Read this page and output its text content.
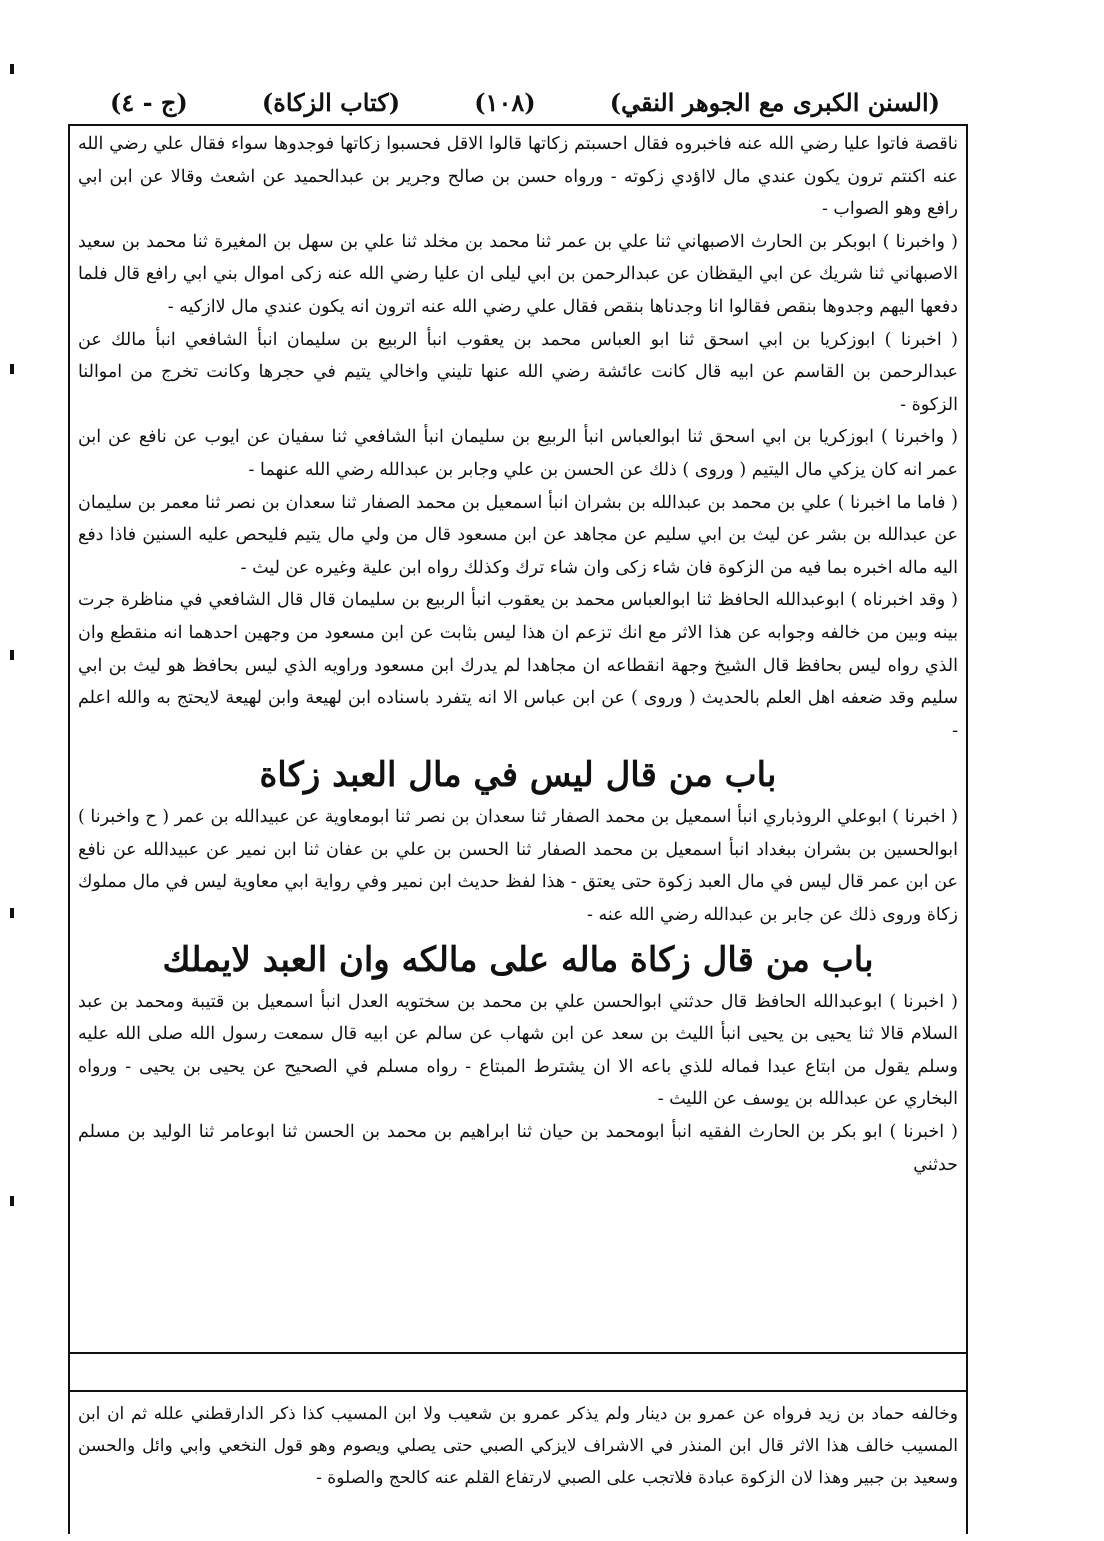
(السنن الكبرى مع الجوهر النقي)
(١٠٨)
(كتاب الزكاة)
(ج - ٤)

ناقصة فاتوا عليا رضي الله عنه فاخبروه فقال احسبتم زكاتها قالوا الاقل فحسبوا زكاتها فوجدوها سواء فقال علي رضي الله عنه اكنتم ترون يكون عندي مال لااؤدي زكوته - ورواه حسن بن صالح وجرير بن عبدالحميد عن اشعث وقالا عن ابن ابي رافع وهو الصواب -

( واخبرنا ) ابوبكر بن الحارث الاصبهاني ثنا علي بن عمر ثنا محمد بن مخلد ثنا علي بن سهل بن المغيرة ثنا محمد بن سعيد الاصبهاني ثنا شريك عن ابي اليقظان عن عبدالرحمن بن ابي ليلى ان عليا رضي الله عنه زكى اموال بني ابي رافع قال فلما دفعها اليهم وجدوها بنقص فقالوا انا وجدناها بنقص فقال علي رضي الله عنه اترون انه يكون عندي مال لاازكيه -

( اخبرنا ) ابوزكريا بن ابي اسحق ثنا ابو العباس محمد بن يعقوب انبأ الربيع بن سليمان انبأ الشافعي انبأ مالك عن عبدالرحمن بن القاسم عن ابيه قال كانت عائشة رضي الله عنها تليني واخالي يتيم في حجرها وكانت تخرج من اموالنا الزكوة -

( واخبرنا ) ابوزكريا بن ابي اسحق ثنا ابوالعباس انبأ الربيع بن سليمان انبأ الشافعي ثنا سفيان عن ايوب عن نافع عن ابن عمر انه كان يزكي مال اليتيم ( وروى ) ذلك عن الحسن بن علي وجابر بن عبدالله رضي الله عنهما -

( فاما ما اخبرنا ) علي بن محمد بن عبدالله بن بشران انبأ اسمعيل بن محمد الصفار ثنا سعدان بن نصر ثنا معمر بن سليمان عن عبدالله بن بشر عن ليث بن ابي سليم عن مجاهد عن ابن مسعود قال من ولي مال يتيم فليحص عليه السنين فاذا دفع اليه ماله اخبره بما فيه من الزكوة فان شاء زكى وان شاء ترك وكذلك رواه ابن علية وغيره عن ليث -

( وقد اخبرناه ) ابوعبدالله الحافظ ثنا ابوالعباس محمد بن يعقوب انبأ الربيع بن سليمان قال قال الشافعي في مناظرة جرت بينه وبين من خالفه وجوابه عن هذا الاثر مع انك تزعم ان هذا ليس بثابت عن ابن مسعود من وجهين احدهما انه منقطع وان الذي رواه ليس بحافظ قال الشيخ وجهة انقطاعه ان مجاهدا لم يدرك ابن مسعود وراويه الذي ليس بحافظ هو ليث بن ابي سليم وقد ضعفه اهل العلم بالحديث ( وروى ) عن ابن عباس الا انه يتفرد باسناده ابن لهيعة وابن لهيعة لايحتج به والله اعلم -

باب من قال ليس في مال العبد زكاة

( اخبرنا ) ابوعلي الروذباري انبأ اسمعيل بن محمد الصفار ثنا سعدان بن نصر ثنا ابومعاوية عن عبيدالله بن عمر ( ح واخبرنا ) ابوالحسين بن بشران ببغداد انبأ اسمعيل بن محمد الصفار ثنا الحسن بن علي بن عفان ثنا ابن نمير عن عبيدالله عن نافع عن ابن عمر قال ليس في مال العبد زكوة حتى يعتق - هذا لفظ حديث ابن نمير وفي رواية ابي معاوية ليس في مال مملوك زكاة وروى ذلك عن جابر بن عبدالله رضي الله عنه -

باب من قال زكاة ماله على مالكه وان العبد لايملك

( اخبرنا ) ابوعبدالله الحافظ قال حدثني ابوالحسن علي بن محمد بن سختويه العدل انبأ اسمعيل بن قتيبة ومحمد بن عبد السلام قالا ثنا يحيى بن يحيى انبأ الليث بن سعد عن ابن شهاب عن سالم عن ابيه قال سمعت رسول الله صلى الله عليه وسلم يقول من ابتاع عبدا فماله للذي باعه الا ان يشترط المبتاع - رواه مسلم في الصحيح عن يحيى بن يحيى - ورواه البخاري عن عبدالله بن يوسف عن الليث -

( اخبرنا ) ابو بكر بن الحارث الفقيه انبأ ابومحمد بن حيان ثنا ابراهيم بن محمد بن الحسن ثنا ابوعامر ثنا الوليد بن مسلم حدثني

وخالفه حماد بن زيد فرواه عن عمرو بن دينار ولم يذكر عمرو بن شعيب ولا ابن المسيب كذا ذكر الدارقطني علله ثم ان ابن المسيب خالف هذا الاثر قال ابن المنذر في الاشراف لايزكي الصبي حتى يصلي ويصوم وهو قول النخعي وابي وائل والحسن وسعيد بن جبير وهذا لان الزكوة عبادة فلاتجب على الصبي لارتفاع القلم عنه كالحج والصلوة -
